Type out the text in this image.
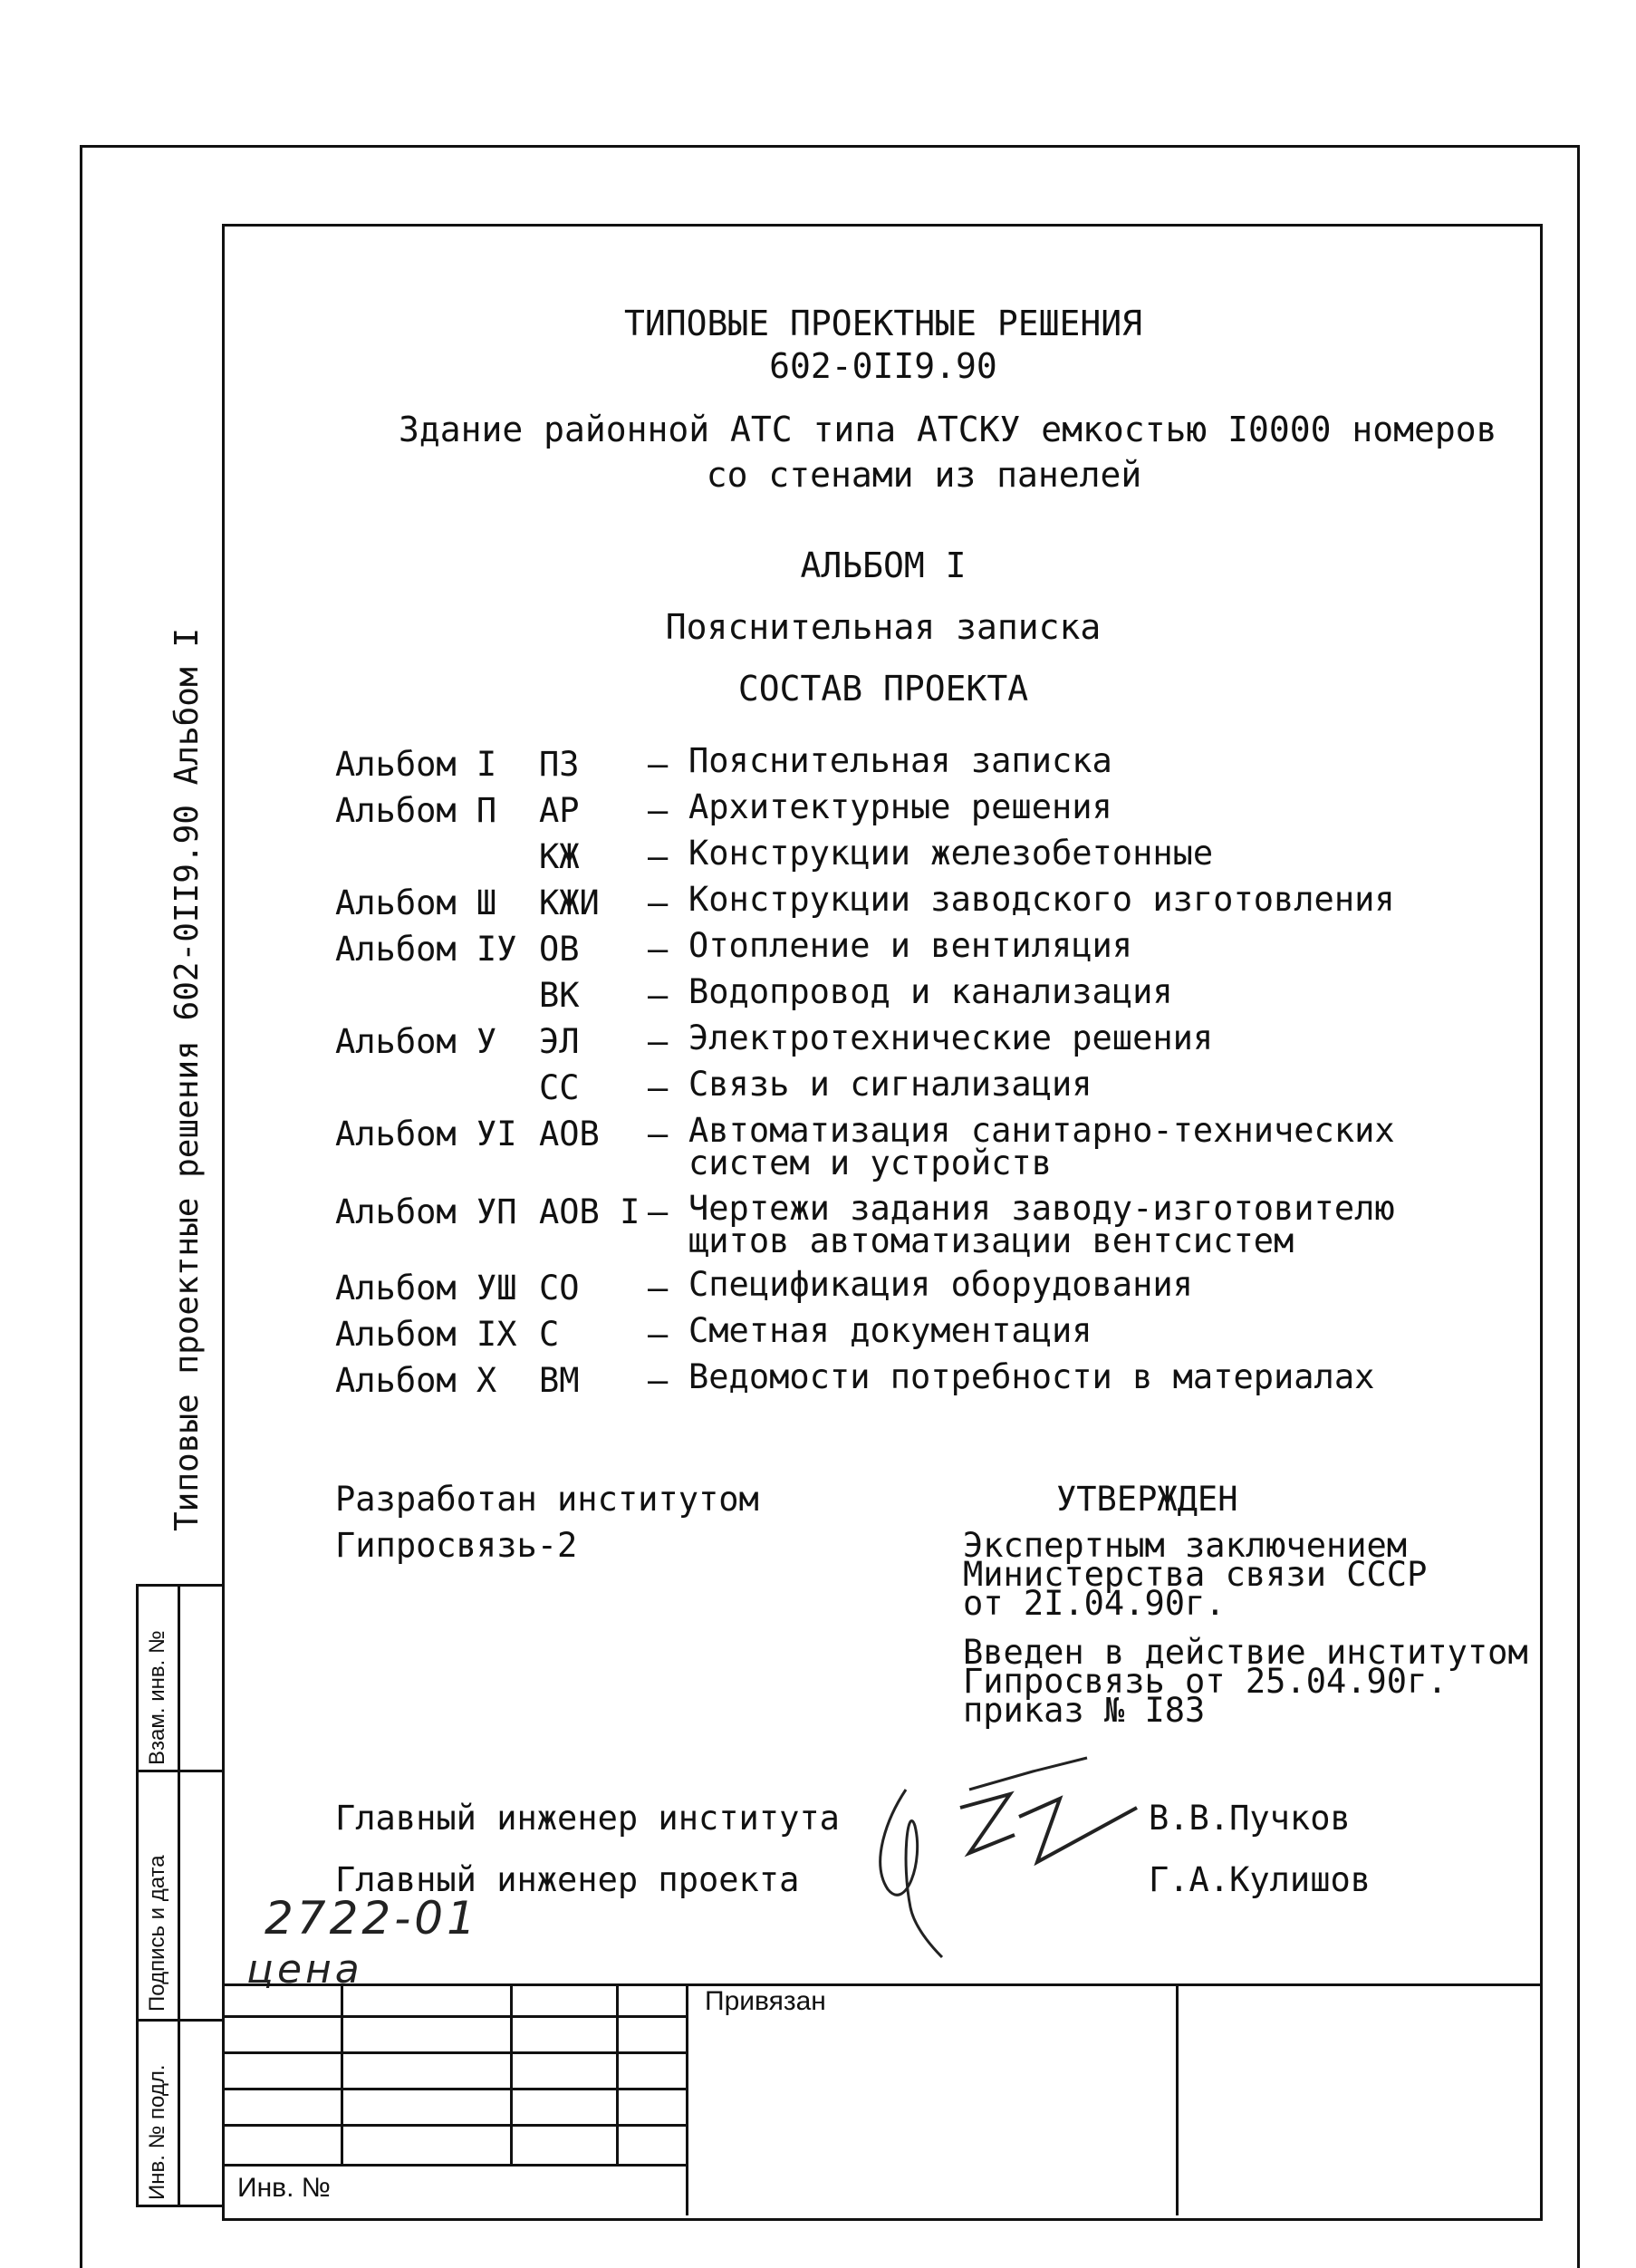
Взам. инв. №
Подпись и дата
Инв. № подл.
Типовые проектные решения 602-0II9.90 Альбом I
ТИПОВЫЕ ПРОЕКТНЫЕ РЕШЕНИЯ
602-0II9.90
Здание районной АТС типа АТСКУ емкостью I0000 номеров
со стенами из панелей
АЛЬБОМ I
Пояснительная записка
СОСТАВ ПРОЕКТА
Альбом I ПЗ – Пояснительная записка
Альбом П АР – Архитектурные решения
КЖ – Конструкции железобетонные
Альбом Ш КЖИ – Конструкции заводского изготовления
Альбом IУ ОВ – Отопление и вентиляция
ВК – Водопровод и канализация
Альбом У ЭЛ – Электротехнические решения
СС – Связь и сигнализация
Альбом УI АОВ – Автоматизация санитарно-технических
систем и устройств
Альбом УП АОВ I – Чертежи задания заводу-изготовителю
щитов автоматизации вентсистем
Альбом УШ СО – Спецификация оборудования
Альбом IХ С	– Сметная документация
Альбом Х ВМ – Ведомости потребности в материалах
Разработан институтом
Гипросвязь-2
УТВЕРЖДЕН
Экспертным заключением
Министерства связи СССР
от 2I.04.90г.
Введен в действие институтом
Гипросвязь от 25.04.90г.
приказ № I83
Главный инженер института
Главный инженер проекта
В.В.Пучков
Г.А.Кулишов
2722-01
цена
Привязан
Инв. №
